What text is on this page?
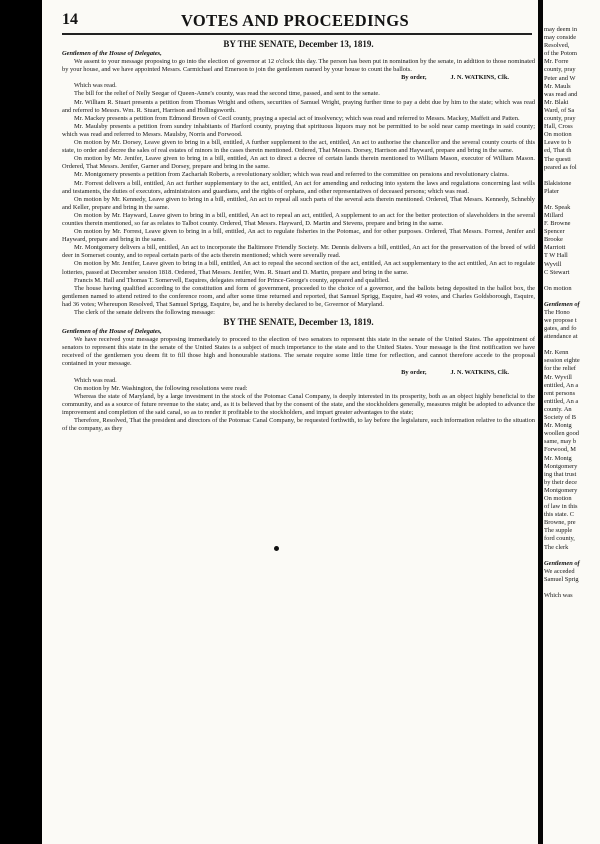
14	VOTES AND PROCEEDINGS

BY THE SENATE, December 13, 1819.

Gentlemen of the House of Delegates,

We assent to your message proposing to go into the election of governor at 12 o'clock this day. The person has been put in nomination by the senate, in addition to those nominated by your house, and we have appointed Messrs. Carmichael and Emerson to join the gentlemen named by your house to count the ballots.

By order,	J. N. WATKINS, Clk.

Which was read.

The bill for the relief of Nelly Seegar of Queen-Anne's county, was read the second time, passed, and sent to the senate.

Mr. William R. Stuart presents a petition from Thomas Wright and others, securities of Samuel Wright, praying further time to pay a debt due by him to the state; which was read and referred to Messrs. Wm. R. Stuart, Harrison and Hollingsworth.

Mr. Mackey presents a petition from Edmond Brown of Cecil county, praying a special act of insolvency; which was read and referred to Messrs. Mackey, Maffeit and Patten.

Mr. Maulsby presents a petition from sundry inhabitants of Harford county, praying that spirituous liquors may not be permitted to be sold near camp meetings in said county; which was read and referred to Messrs. Maulsby, Norris and Forwood.

On motion by Mr. Dorsey, Leave given to bring in a bill, entitled, A further supplement to the act, entitled, An act to authorise the chancellor and the several county courts of this state, to order and decree the sales of real estates of minors in the cases therein mentioned. Ordered, That Messrs. Dorsey, Harrison and Hayward, prepare and bring in the same.

On motion by Mr. Jenifer, Leave given to bring in a bill, entitled, An act to direct a decree of certain lands therein mentioned to William Mason, executor of William Mason. Ordered, That Messrs. Jenifer, Garner and Dorsey, prepare and bring in the same.

Mr. Montgomery presents a petition from Zachariah Roberts, a revolutionary soldier; which was read and referred to the committee on pensions and revolutionary claims.

Mr. Forrest delivers a bill, entitled, An act further supplementary to the act, entitled, An act for amending and reducing into system the laws and regulations concerning last wills and testaments, the duties of executors, administrators and guardians, and the rights of orphans, and other representatives of deceased persons; which was read.

On motion by Mr. Kennedy, Leave given to bring in a bill, entitled, An act to repeal all such parts of the several acts therein mentioned. Ordered, That Messrs. Kennedy, Schnebly and Keller, prepare and bring in the same.

On motion by Mr. Hayward, Leave given to bring in a bill, entitled, An act to repeal an act, entitled, A supplement to an act for the better protection of slaveholders in the several counties therein mentioned, so far as relates to Talbot county. Ordered, That Messrs. Hayward, D. Martin and Stevens, prepare and bring in the same.

On motion by Mr. Forrest, Leave given to bring in a bill, entitled, An act to regulate fisheries in the Potomac, and for other purposes. Ordered, That Messrs. Forrest, Jenifer and Hayward, prepare and bring in the same.

Mr. Montgomery delivers a bill, entitled, An act to incorporate the Baltimore Friendly Society. Mr. Dennis delivers a bill, entitled, An act for the preservation of the breed of wild deer in Somerset county, and to repeal certain parts of the acts therein mentioned; which were severally read.

On motion by Mr. Jenifer, Leave given to bring in a bill, entitled, An act to repeal the second section of the act, entitled, An act supplementary to the act entitled, An act to regulate lotteries, passed at December session 1818. Ordered, That Messrs. Jenifer, Wm. R. Stuart and D. Martin, prepare and bring in the same.

Francis M. Hall and Thomas T. Somervell, Esquires, delegates returned for Prince-George's county, appeared and qualified.

The house having qualified according to the constitution and form of government, proceeded to the choice of a governor, and the ballots being deposited in the ballot box, the gentlemen named to attend retired to the conference room, and after some time returned and reported, that Samuel Sprigg, Esquire, had 49 votes, and Charles Goldsborough, Esquire, had 36 votes; Whereupon Resolved, That Samuel Sprigg, Esquire, be, and he is hereby declared to be, Governor of Maryland.

The clerk of the senate delivers the following message:

BY THE SENATE, December 13, 1819.

Gentlemen of the House of Delegates,

We have received your message proposing immediately to proceed to the election of two senators to represent this state in the senate of the United States. The appointment of senators to represent this state in the senate of the United States is a subject of much importance to the state and to the United States. Your message is the first notification we have received of the gentlemen you deem fit to fill those high and honourable stations. The senate require some little time for reflection, and cannot therefore accede to the proposal contained in your message.

By order,	J. N. WATKINS, Clk.

Which was read.

On motion by Mr. Washington, the following resolutions were read:

Whereas the state of Maryland, by a large investment in the stock of the Potomac Canal Company, is deeply interested in its prosperity, both as an object highly beneficial to the community, and as a source of future revenue to the state; and, as it is believed that by the consent of the state, and the stockholders generally, measures might be adopted to advance the improvement and completion of the said canal, so as to render it profitable to the stockholders, and impart greater advantages to the state;

Therefore, Resolved, That the president and directors of the Potomac Canal Company, be requested forthwith, to lay before the legislature, such information relative to the situation of the company, as they

may deem in
may conside
Resolved,
of the Potom
Mr. Forre
county, pray
Peter and W
Mr. Mauls
was read and
Mr. Blaki
Ward, of Sa
county, pray
Hall, Cross
On motion
Leave to b
ed, That th
The questi
peared as fol
Blakistone
Plater
Mr. Speak
Millard
F. Browne
Spencer
Brooke
Marriott
T W Hall
Wyvill
C Stewart
On motion
Gentlemen of
The Hono
we propose t
gates, and fo
attendance at
Mr. Kenn
session eighte
for the relief
Mr. Wyvill
entitled, An a
rent persons
entitled, An a
county. An
Society of B
Mr. Montg
woollen good
same, may b
Forwood, M
Mr. Montg
Montgomery
ing that trust
by their dece
Montgomery
On motion
of law in this
this state. C
Browne, pre
The supple
ford county,
The clerk
Gentlemen of
We acceded
Samuel Sprig
Which was
